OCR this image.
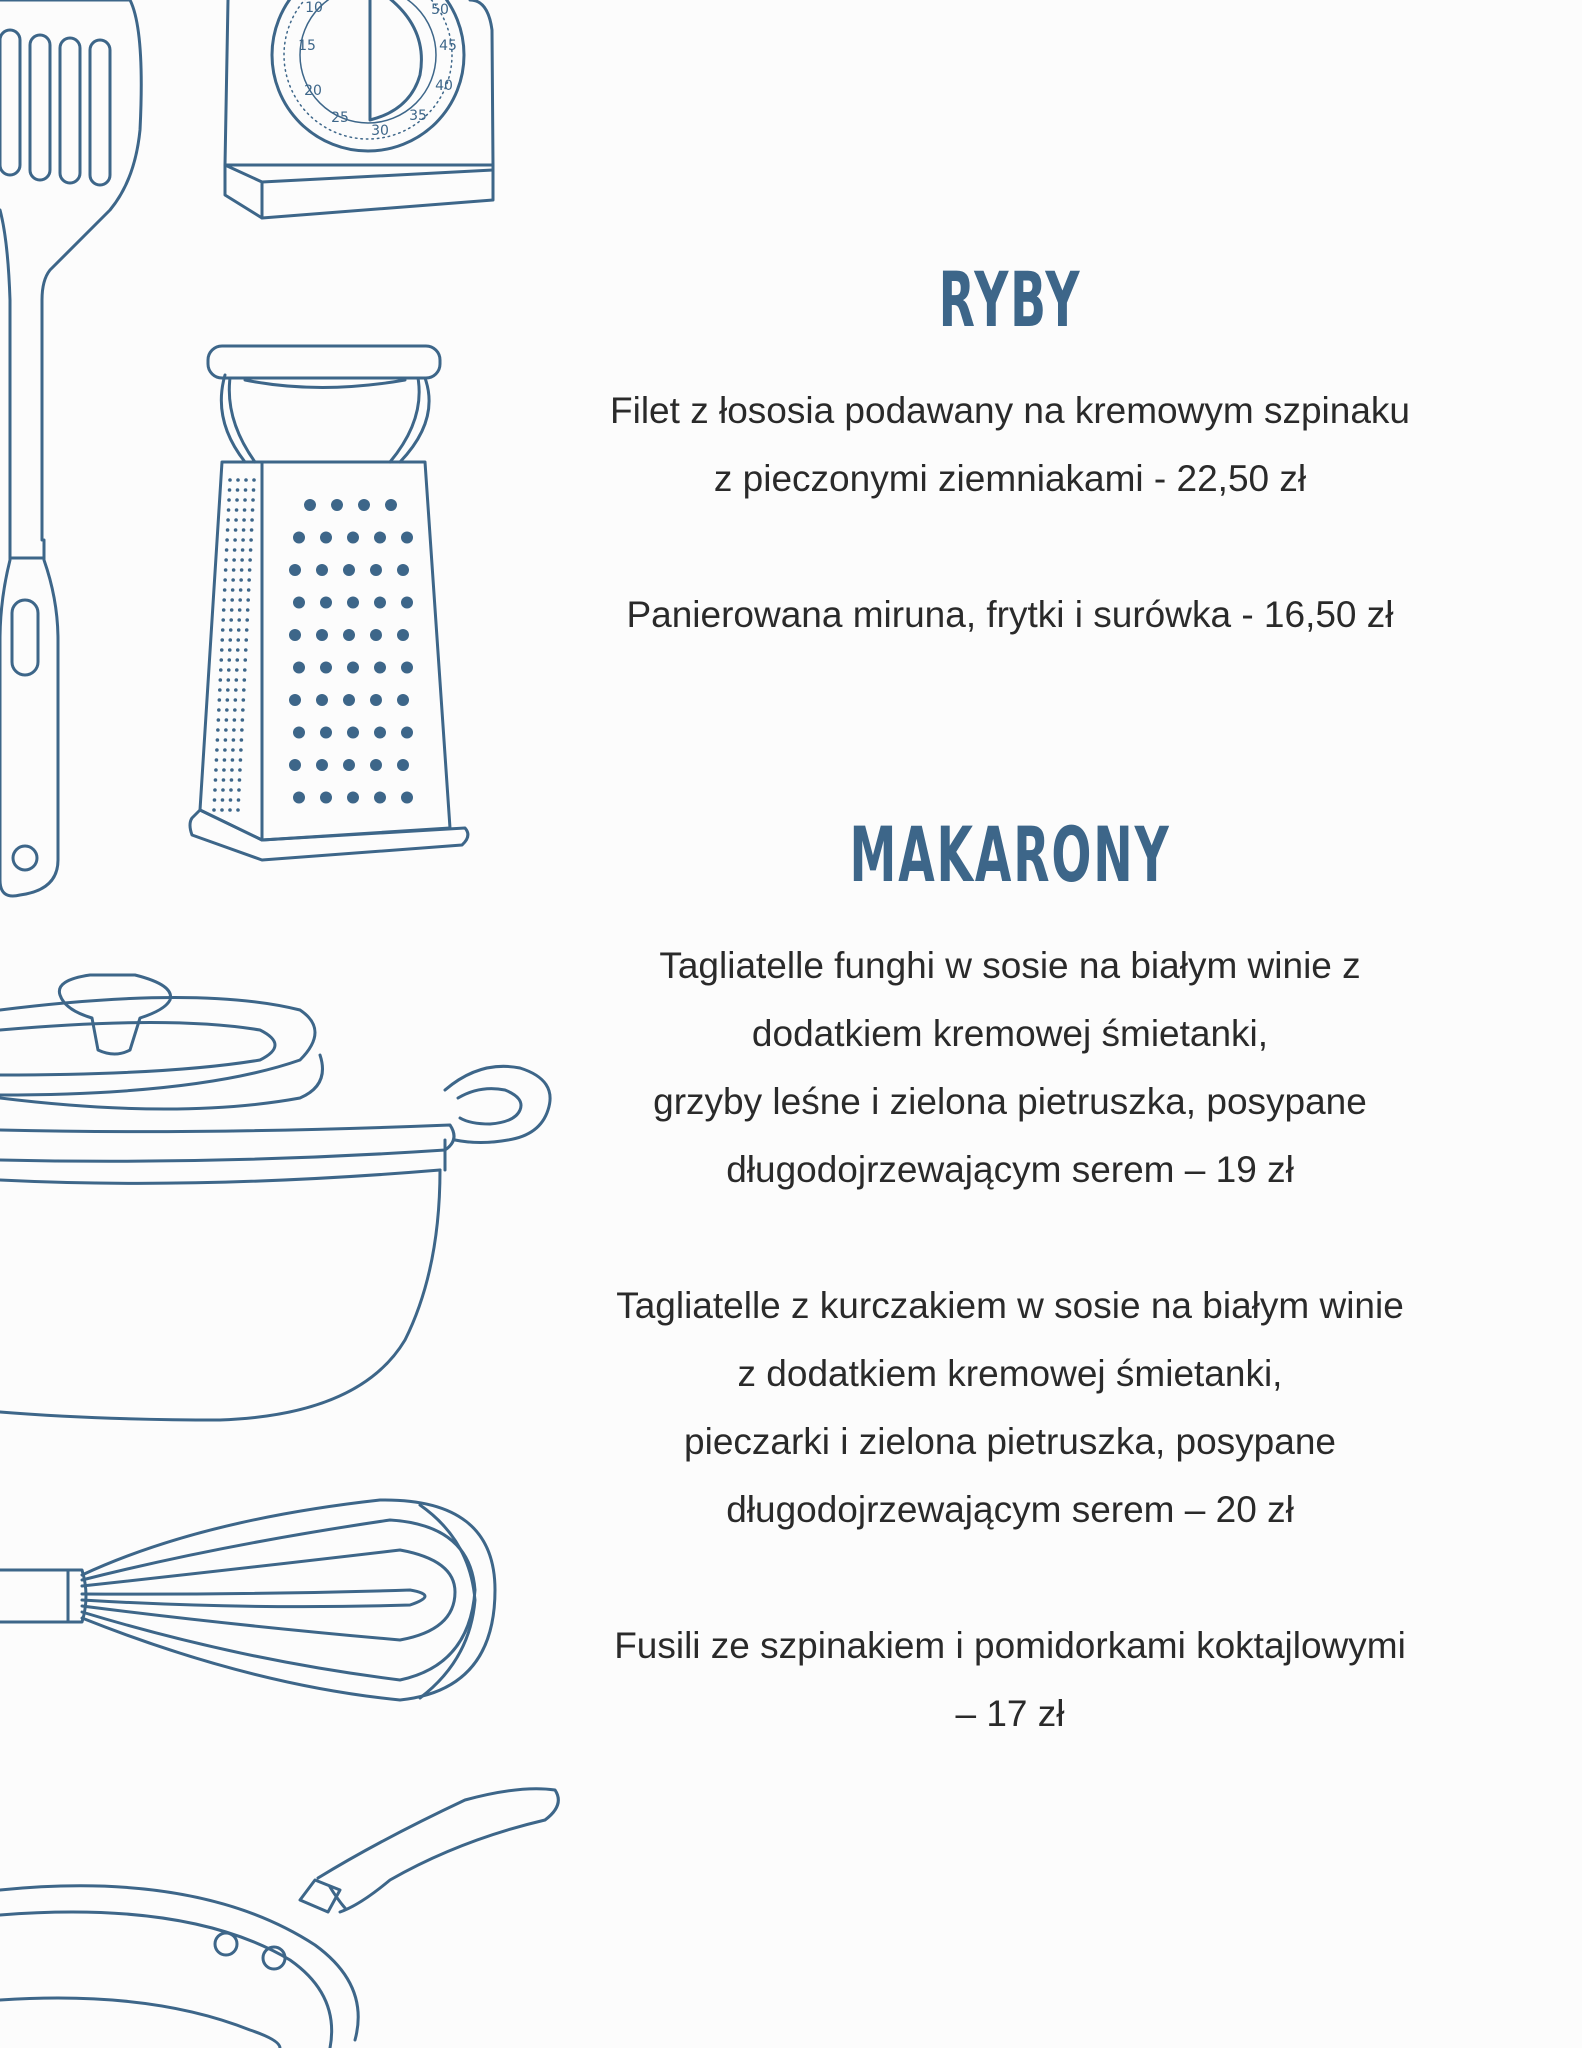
10
15
20
25
30
35
40
45
50
RYBY
Filet z łososia podawany na kremowym szpinaku
z pieczonymi ziemniakami - 22,50 zł
Panierowana miruna, frytki i surówka - 16,50 zł
MAKARONY
Tagliatelle funghi w sosie na białym winie z
dodatkiem kremowej śmietanki,
grzyby leśne i zielona pietruszka, posypane
długodojrzewającym serem – 19 zł
Tagliatelle z kurczakiem w sosie na białym winie
z dodatkiem kremowej śmietanki,
pieczarki i zielona pietruszka, posypane
długodojrzewającym serem – 20 zł
Fusili ze szpinakiem i pomidorkami koktajlowymi
– 17 zł
